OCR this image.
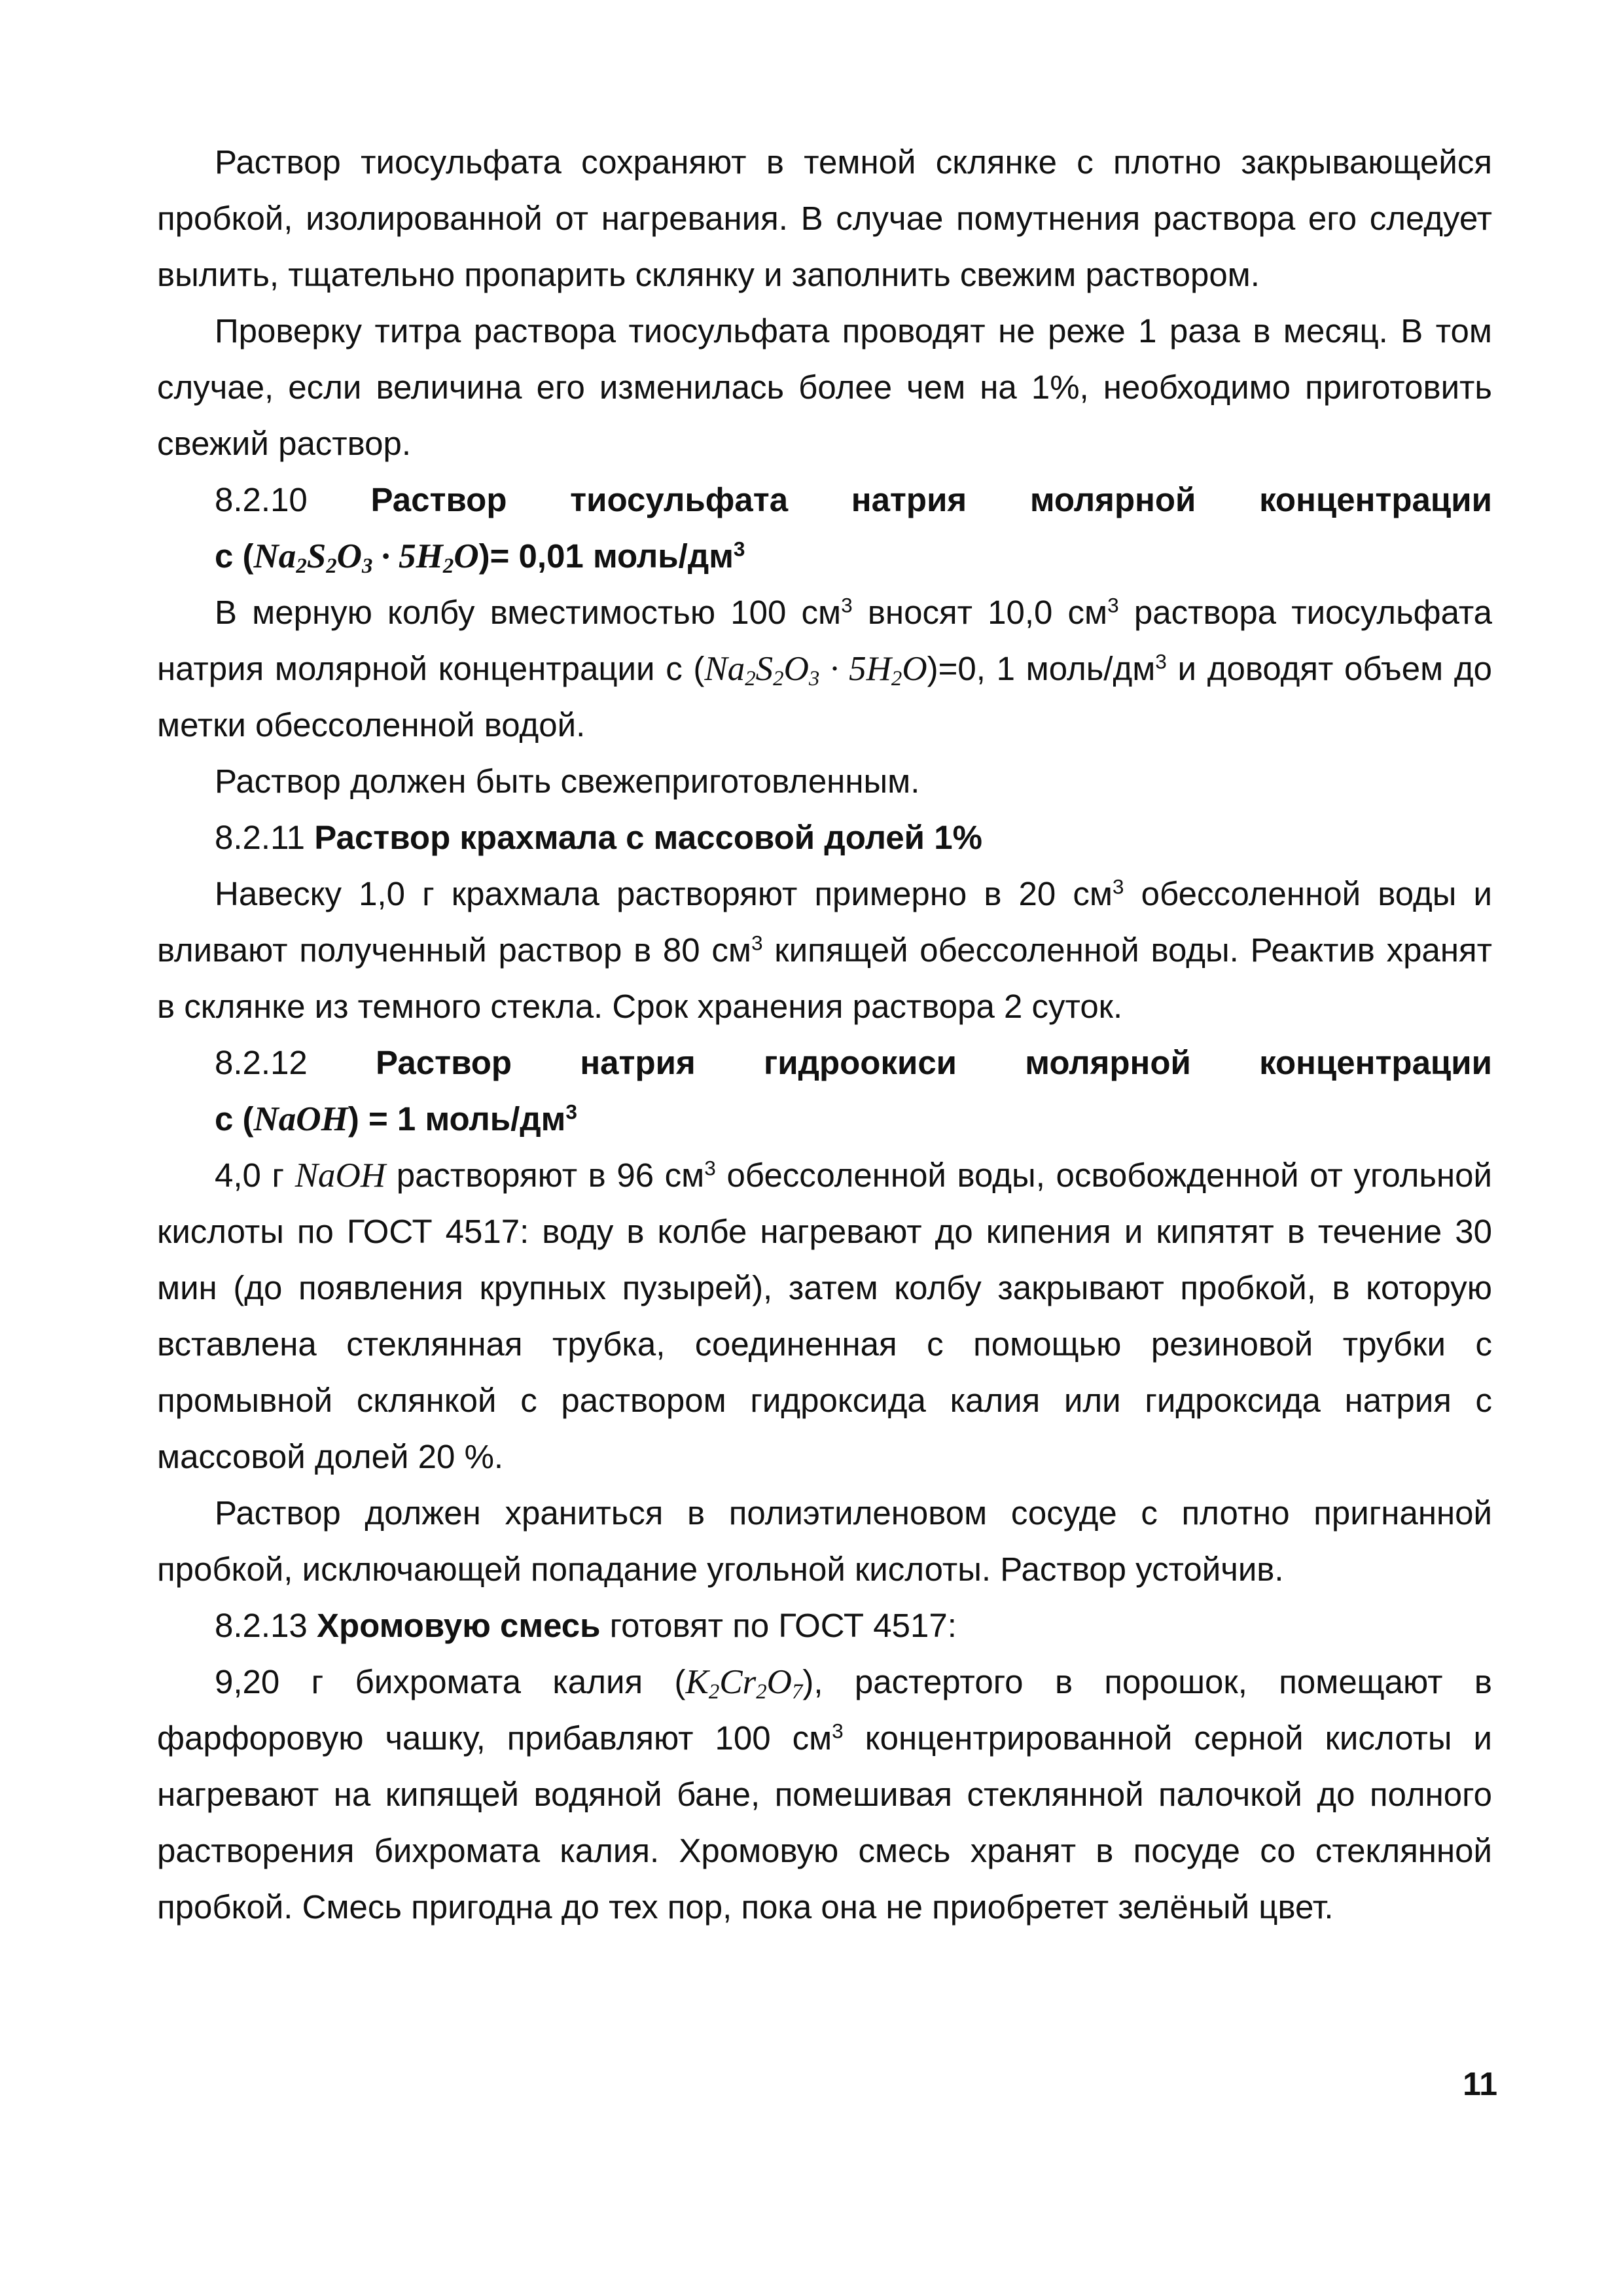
Раствор тиосульфата сохраняют в темной склянке с плотно закрывающейся пробкой, изолированной от нагревания. В случае помутнения раствора его следует вылить, тщательно пропарить склянку и заполнить свежим раствором.

Проверку титра раствора тиосульфата проводят не реже 1 раза в месяц. В том случае, если величина его изменилась более чем на 1%, необходимо приготовить свежий раствор.

8.2.10 Раствор тиосульфата натрия молярной концентрации
с (Na2S2O3 · 5H2O)= 0,01 моль/$дм^3$

В мерную колбу вместимостью 100 $см^3$ вносят 10,0 $см^3$ раствора тиосульфата натрия молярной концентрации с (Na2S2O3 · 5H2O)=0, 1 моль/$дм^3$ и доводят объем до метки обессоленной водой.

Раствор должен быть свежеприготовленным.

8.2.11 Раствор крахмала с массовой долей 1%

Навеску 1,0 г крахмала растворяют примерно в 20 $см^3$ обессоленной воды и вливают полученный раствор в 80 $см^3$ кипящей обессоленной воды. Реактив хранят в склянке из темного стекла. Срок хранения раствора 2 суток.

8.2.12 Раствор натрия гидроокиси молярной концентрации
с (NaOH) = 1 моль/$дм^3$

4,0 г NaOH растворяют в 96 $см^3$ обессоленной воды, освобожденной от угольной кислоты по ГОСТ 4517: воду в колбе нагревают до кипения и кипятят в течение 30 мин (до появления крупных пузырей), затем колбу закрывают пробкой, в которую вставлена стеклянная трубка, соединенная с помощью резиновой трубки с промывной склянкой с раствором гидроксида калия или гидроксида натрия с массовой долей 20 %.

Раствор должен храниться в полиэтиленовом сосуде с плотно пригнанной пробкой, исключающей попадание угольной кислоты. Раствор устойчив.

8.2.13 Хромовую смесь готовят по ГОСТ 4517:

9,20 г бихромата калия (K2Cr2O7), растертого в порошок, помещают в фарфоровую чашку, прибавляют 100 $см^3$ концентрированной серной кислоты и нагревают на кипящей водяной бане, помешивая стеклянной палочкой до полного растворения бихромата калия. Хромовую смесь хранят в посуде со стеклянной пробкой. Смесь пригодна до тех пор, пока она не приобретет зелёный цвет.

11
